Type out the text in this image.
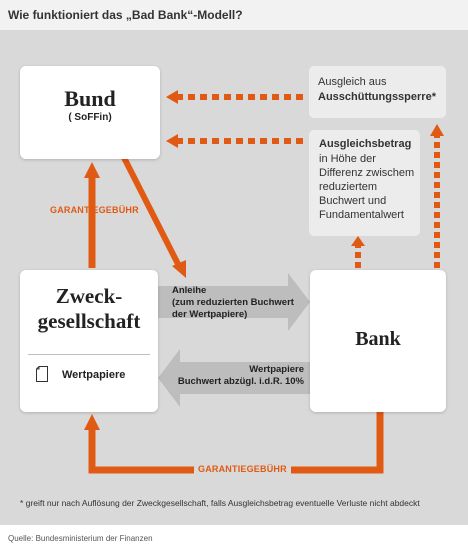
Wie funktioniert das „Bad Bank“-Modell?
Bund
( SoFFin)
Zweck-
gesellschaft
Wertpapiere
Bank
Ausgleich aus
Ausschüttungssperre*
Ausgleichsbetrag
in Höhe der
Differenz zwischem
reduziertem
Buchwert und
Fundamentalwert
Anleihe
(zum reduzierten Buchwert
der Wertpapiere)
Wertpapiere
Buchwert abzügl. i.d.R. 10%
GARANTIEGEBÜHR
GARANTIEGEBÜHR
* greift nur nach Auflösung der Zweckgesellschaft, falls Ausgleichsbetrag eventuelle Verluste nicht abdeckt
Quelle: Bundesministerium der Finanzen
